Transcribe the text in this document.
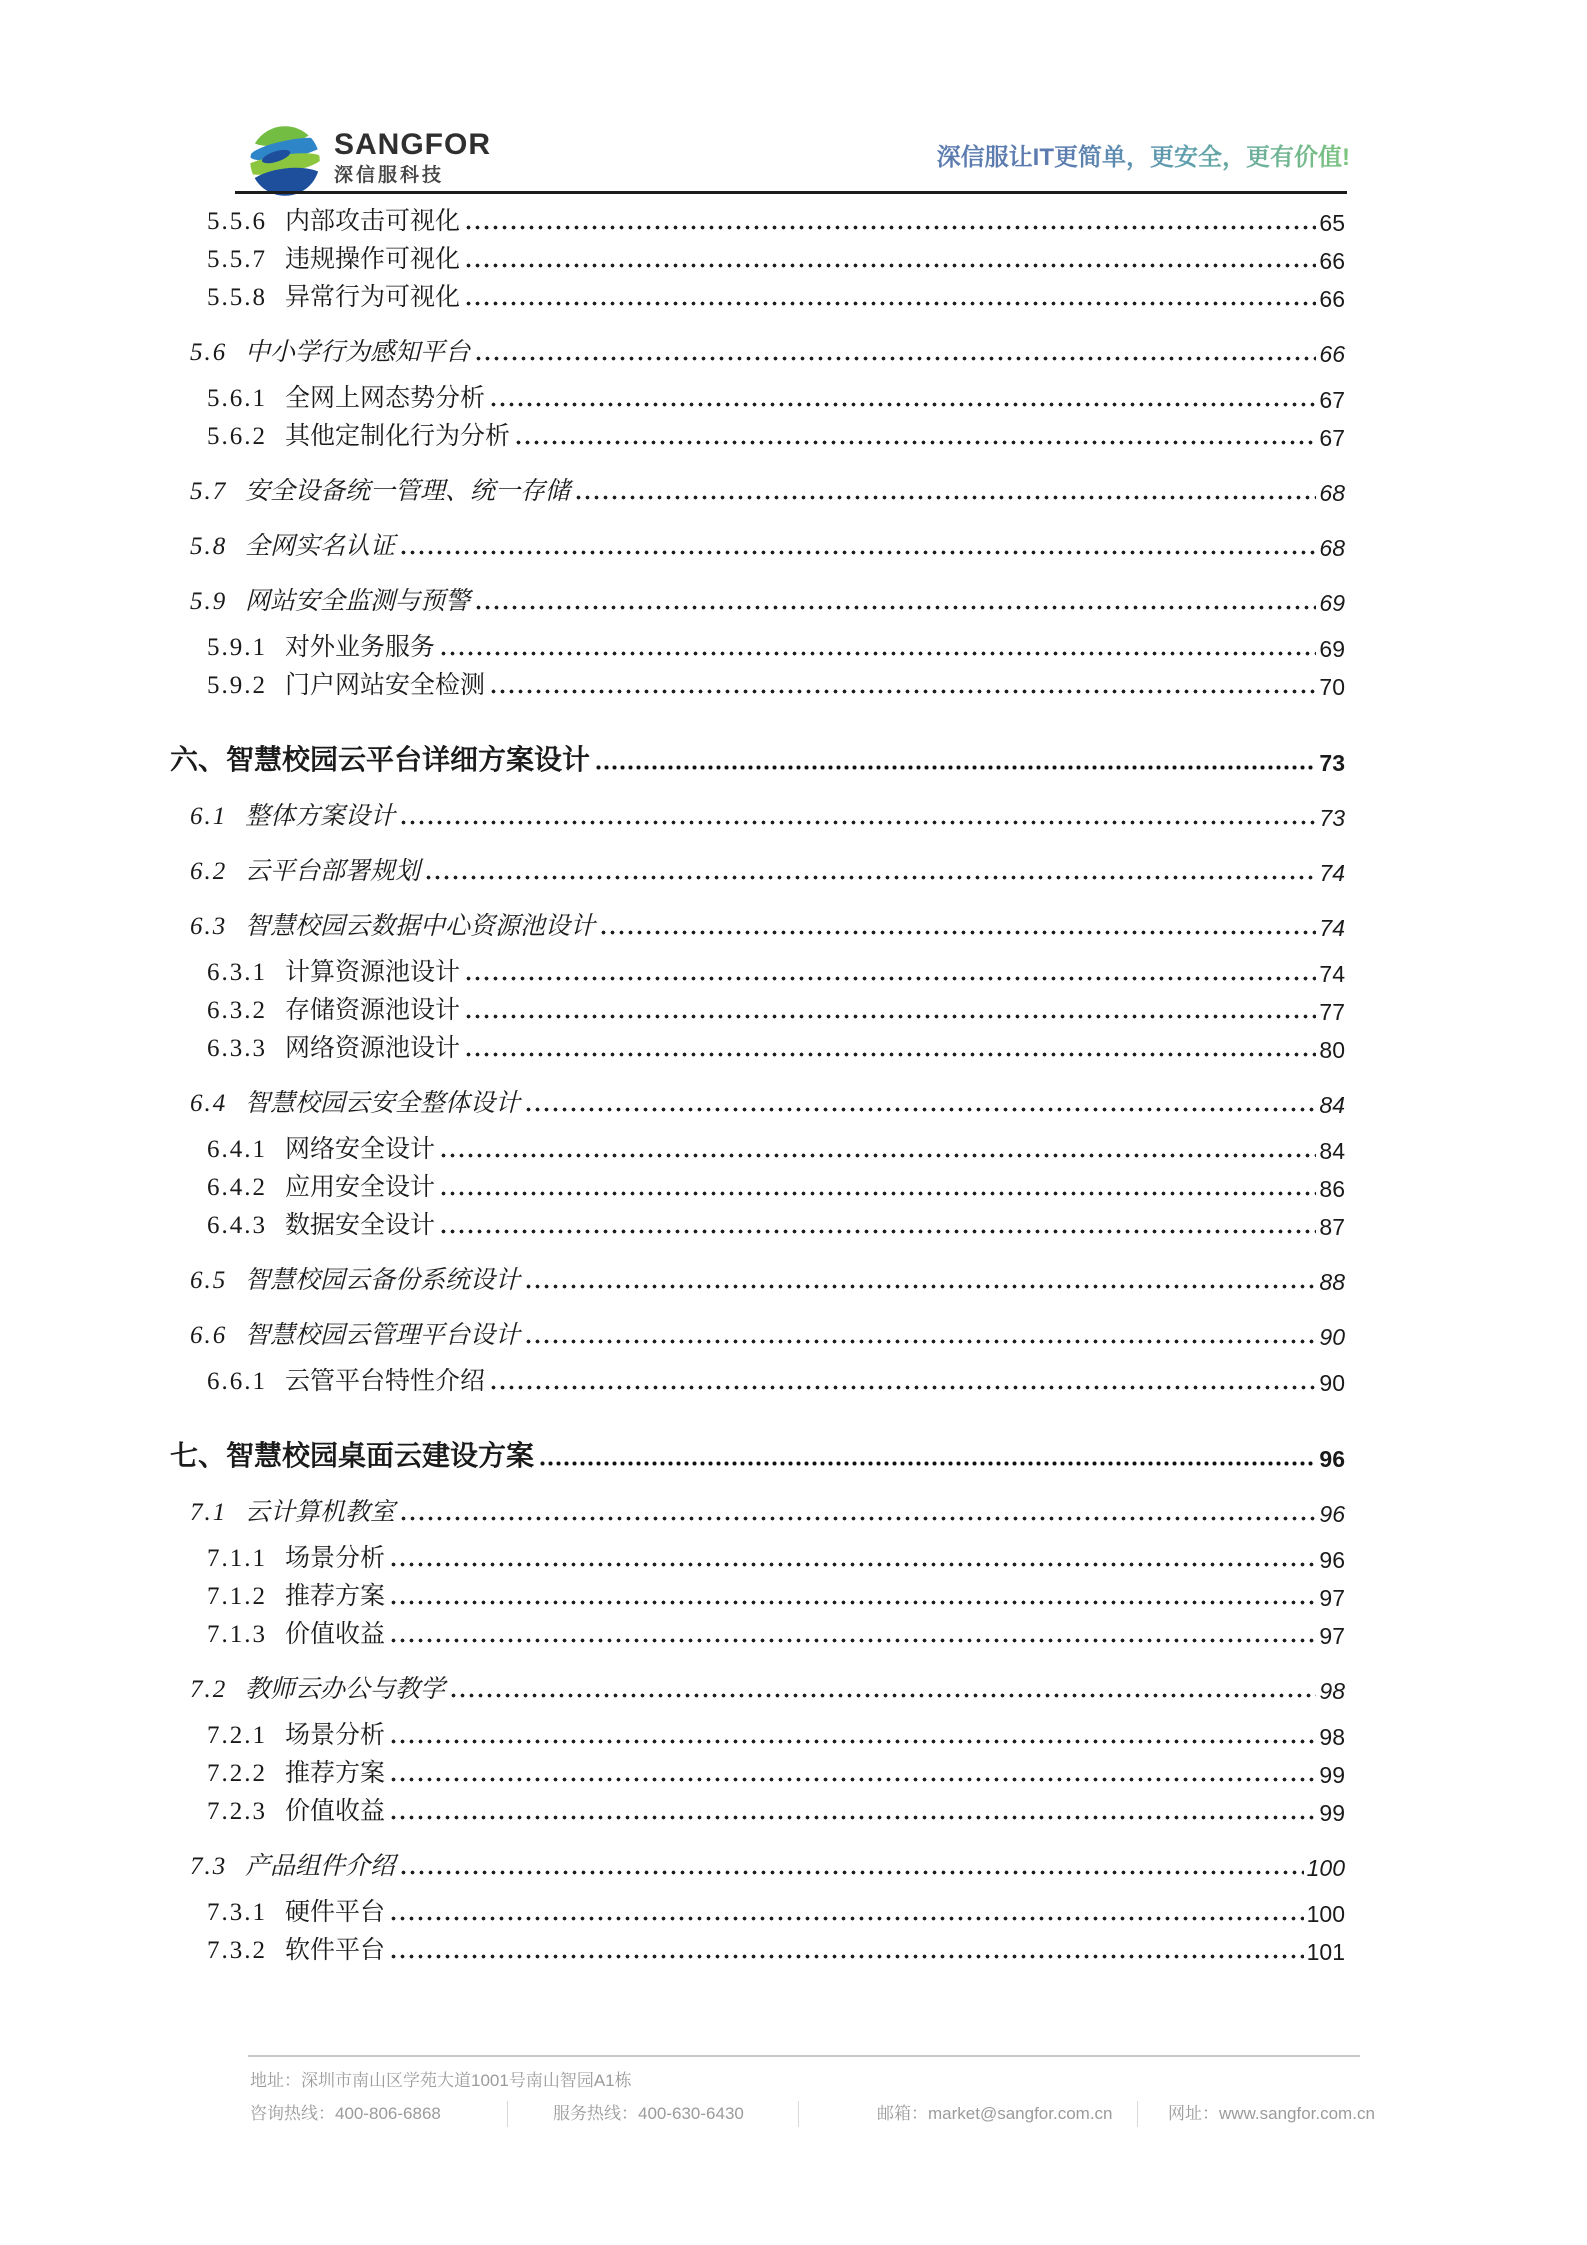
SANGFOR
深信服科技
深信服让IT更简单，更安全，更有价值!
5.5.6 内部攻击可视化	65
5.5.7 违规操作可视化	66
5.5.8 异常行为可视化	66
5.6 中小学行为感知平台	66
5.6.1 全网上网态势分析	67
5.6.2 其他定制化行为分析	67
5.7 安全设备统一管理、统一存储	68
5.8 全网实名认证	68
5.9 网站安全监测与预警	69
5.9.1 对外业务服务	69
5.9.2 门户网站安全检测	70
六、 智慧校园云平台详细方案设计	73
6.1 整体方案设计	73
6.2 云平台部署规划	74
6.3 智慧校园云数据中心资源池设计	74
6.3.1 计算资源池设计	74
6.3.2 存储资源池设计	77
6.3.3 网络资源池设计	80
6.4 智慧校园云安全整体设计	84
6.4.1 网络安全设计	84
6.4.2 应用安全设计	86
6.4.3 数据安全设计	87
6.5 智慧校园云备份系统设计	88
6.6 智慧校园云管理平台设计	90
6.6.1 云管平台特性介绍	90
七、 智慧校园桌面云建设方案	96
7.1 云计算机教室	96
7.1.1 场景分析	96
7.1.2 推荐方案	97
7.1.3 价值收益	97
7.2 教师云办公与教学	98
7.2.1 场景分析	98
7.2.2 推荐方案	99
7.2.3 价值收益	99
7.3 产品组件介绍	100
7.3.1 硬件平台	100
7.3.2 软件平台	101
地址：深圳市南山区学苑大道1001号南山智园A1栋
咨询热线：400-806-6868	服务热线：400-630-6430	邮箱：market@sangfor.com.cn	网址：www.sangfor.com.cn
